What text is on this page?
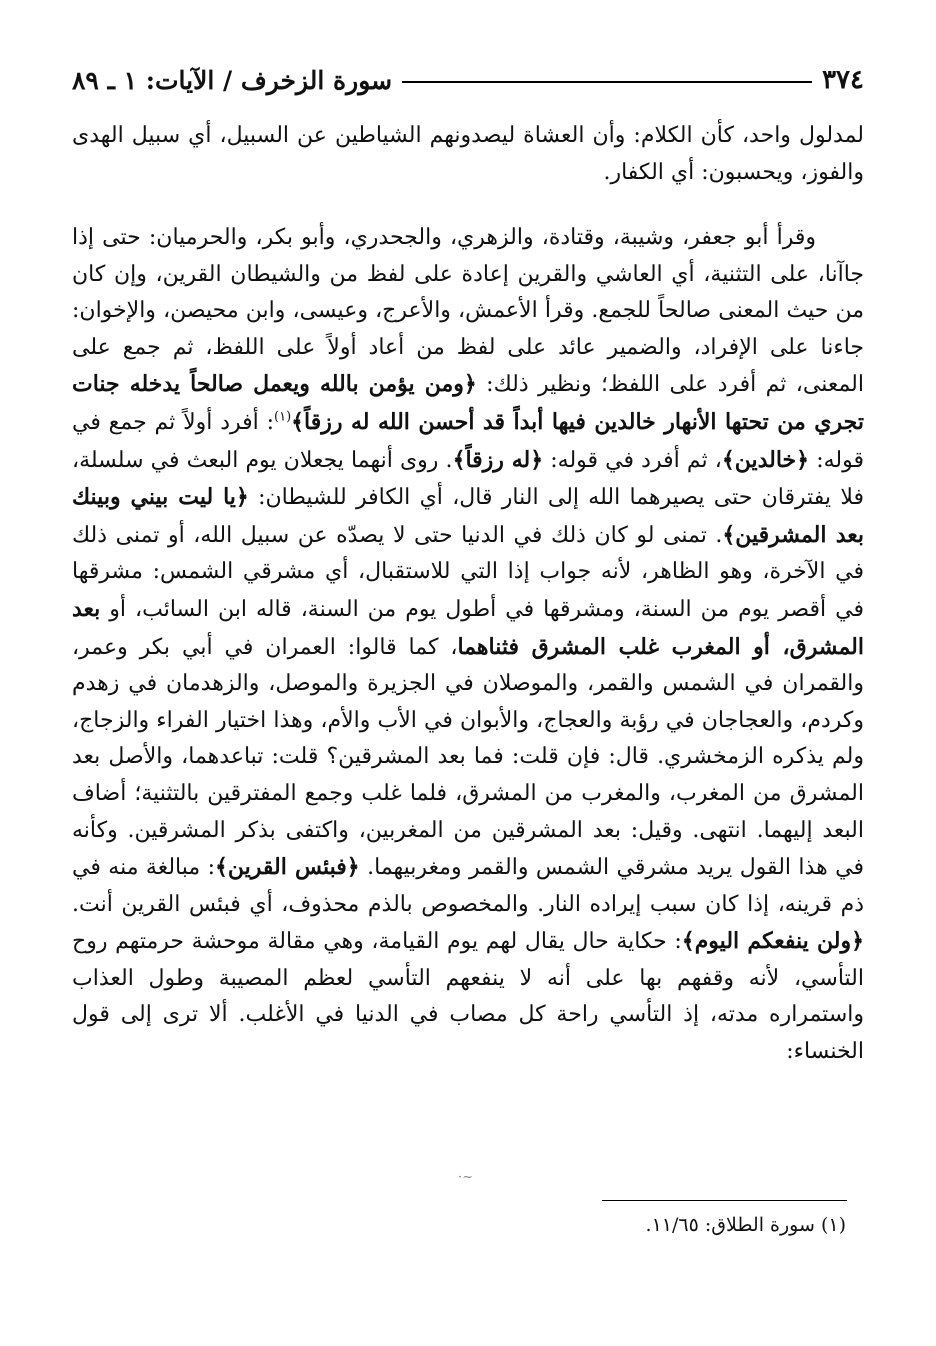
٣٧٤
سورة الزخرف / الآيات: ١ ـ ٨٩

لمدلول واحد، كأن الكلام: وأن العشاة ليصدونهم الشياطين عن السبيل، أي سبيل الهدى والفوز، ويحسبون: أي الكفار.

وقرأ أبو جعفر، وشيبة، وقتادة، والزهري، والجحدري، وأبو بكر، والحرميان: حتى إذا جاآنا، على التثنية، أي العاشي والقرين إعادة على لفظ من والشيطان القرين، وإن كان من حيث المعنى صالحاً للجمع. وقرأ الأعمش، والأعرج، وعيسى، وابن محيصن، والإخوان: جاءنا على الإفراد، والضمير عائد على لفظ من أعاد أولاً على اللفظ، ثم جمع على المعنى، ثم أفرد على اللفظ؛ ونظير ذلك: ﴿ومن يؤمن بالله ويعمل صالحاً يدخله جنات تجري من تحتها الأنهار خالدين فيها أبداً قد أحسن الله له رزقاً﴾$^{(١)}$: أفرد أولاً ثم جمع في قوله: ﴿خالدين﴾، ثم أفرد في قوله: ﴿له رزقاً﴾. روى أنهما يجعلان يوم البعث في سلسلة، فلا يفترقان حتى يصيرهما الله إلى النار قال، أي الكافر للشيطان: ﴿يا ليت بيني وبينك بعد المشرقين﴾. تمنى لو كان ذلك في الدنيا حتى لا يصدّه عن سبيل الله، أو تمنى ذلك في الآخرة، وهو الظاهر، لأنه جواب إذا التي للاستقبال، أي مشرقي الشمس: مشرقها في أقصر يوم من السنة، ومشرقها في أطول يوم من السنة، قاله ابن السائب، أو بعد المشرق، أو المغرب غلب المشرق فثناهما، كما قالوا: العمران في أبي بكر وعمر، والقمران في الشمس والقمر، والموصلان في الجزيرة والموصل، والزهدمان في زهدم وكردم، والعجاجان في رؤبة والعجاج، والأبوان في الأب والأم، وهذا اختيار الفراء والزجاج، ولم يذكره الزمخشري. قال: فإن قلت: فما بعد المشرقين؟ قلت: تباعدهما، والأصل بعد المشرق من المغرب، والمغرب من المشرق، فلما غلب وجمع المفترقين بالتثنية؛ أضاف البعد إليهما. انتهى. وقيل: بعد المشرقين من المغربين، واكتفى بذكر المشرقين. وكأنه في هذا القول يريد مشرقي الشمس والقمر ومغربيهما. ﴿فبئس القرين﴾: مبالغة منه في ذم قرينه، إذا كان سبب إيراده النار. والمخصوص بالذم محذوف، أي فبئس القرين أنت. ﴿ولن ينفعكم اليوم﴾: حكاية حال يقال لهم يوم القيامة، وهي مقالة موحشة حرمتهم روح التأسي، لأنه وقفهم بها على أنه لا ينفعهم التأسي لعظم المصيبة وطول العذاب واستمراره مدته، إذ التأسي راحة كل مصاب في الدنيا في الأغلب. ألا ترى إلى قول الخنساء:

~·
(١) سورة الطلاق: ١١/٦٥.
